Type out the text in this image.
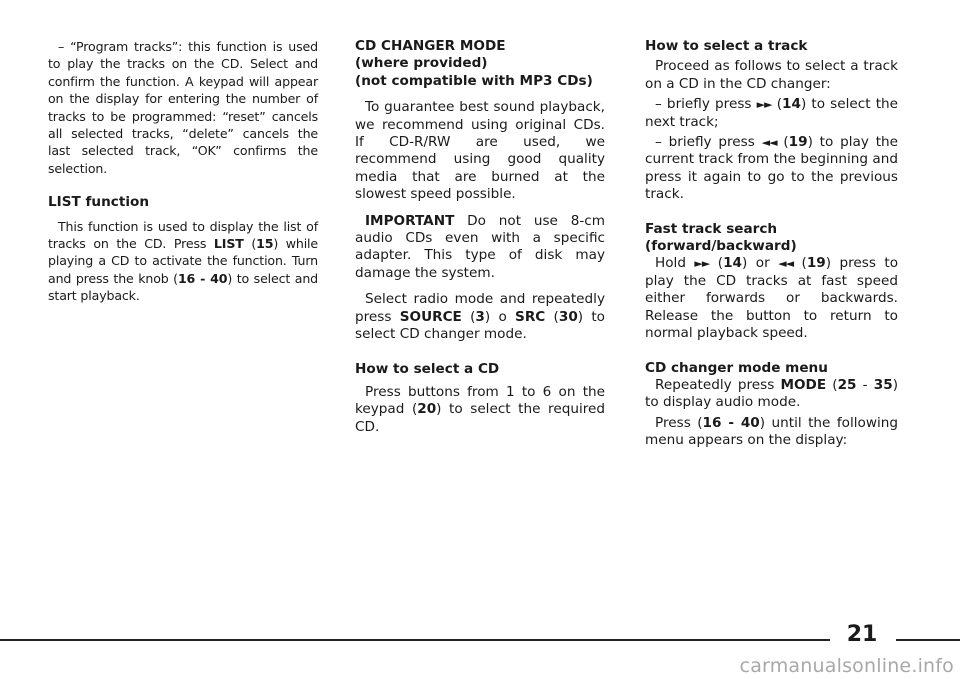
– “Program tracks”: this function is used to play the tracks on the CD. Select and confirm the function. A keypad will appear on the display for entering the number of tracks to be programmed: “reset” cancels all selected tracks, “delete” cancels the last selected track, “OK” confirms the selection.

LIST function

This function is used to display the list of tracks on the CD. Press LIST (15) while playing a CD to activate the function. Turn and press the knob (16 - 40) to select and start playback.

CD CHANGER MODE

(where provided)

(not compatible with MP3 CDs)

To guarantee best sound playback, we recommend using original CDs. If CD-R/RW are used, we recommend using good quality media that are burned at the slowest speed possible.

IMPORTANT Do not use 8-cm audio CDs even with a specific adapter. This type of disk may damage the system.

Select radio mode and repeatedly press SOURCE (3) o SRC (30) to select CD changer mode.

How to select a CD

Press buttons from 1 to 6 on the keypad (20) to select the required CD.

How to select a track

Proceed as follows to select a track on a CD in the CD changer:

– briefly press ►► (14) to select the next track;

– briefly press ◄◄ (19) to play the current track from the beginning and press it again to go to the previous track.

Fast track search

(forward/backward)

Hold ►► (14) or ◄◄ (19) press to play the CD tracks at fast speed either forwards or backwards. Release the button to return to normal playback speed.

CD changer mode menu

Repeatedly press MODE (25 - 35) to display audio mode.

Press (16 - 40) until the following menu appears on the display:

21
carmanualsonline.info
